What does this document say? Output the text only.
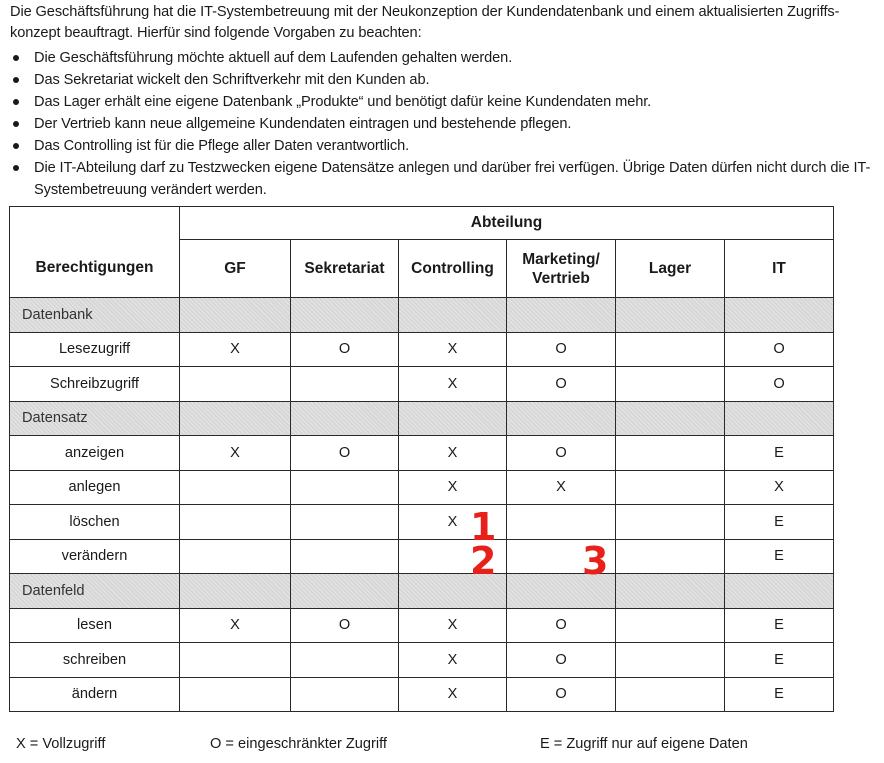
Die Geschäftsführung hat die IT-Systembetreuung mit der Neukonzeption der Kundendatenbank und einem aktualisierten Zugriffs-
konzept beauftragt. Hierfür sind folgende Vorgaben zu beachten:

Die Geschäftsführung möchte aktuell auf dem Laufenden gehalten werden.
Das Sekretariat wickelt den Schriftverkehr mit den Kunden ab.
Das Lager erhält eine eigene Datenbank „Produkte“ und benötigt dafür keine Kundendaten mehr.
Der Vertrieb kann neue allgemeine Kundendaten eintragen und bestehende pflegen.
Das Controlling ist für die Pflege aller Daten verantwortlich.
Die IT-Abteilung darf zu Testzwecken eigene Datensätze anlegen und darüber frei verfügen. Übrige Daten dürfen nicht durch die IT-Systembetreuung verändert werden.
	Abteilung					
Berechtigungen	GF	Sekretariat	Controlling	Marketing/
Vertrieb	Lager	IT
Datenbank						
Lesezugriff	X	O	X	O		O
Schreibzugriff			X	O		O
Datensatz						
anzeigen	X	O	X	O		E
anlegen			X	X		X
löschen			X			E
verändern						E
Datenfeld						
lesen	X	O	X	O		E
schreiben			X	O		E
ändern			X	O		E
1
2 3
X = Vollzugriff	O = eingeschränkter Zugriff	E = Zugriff nur auf eigene Daten
